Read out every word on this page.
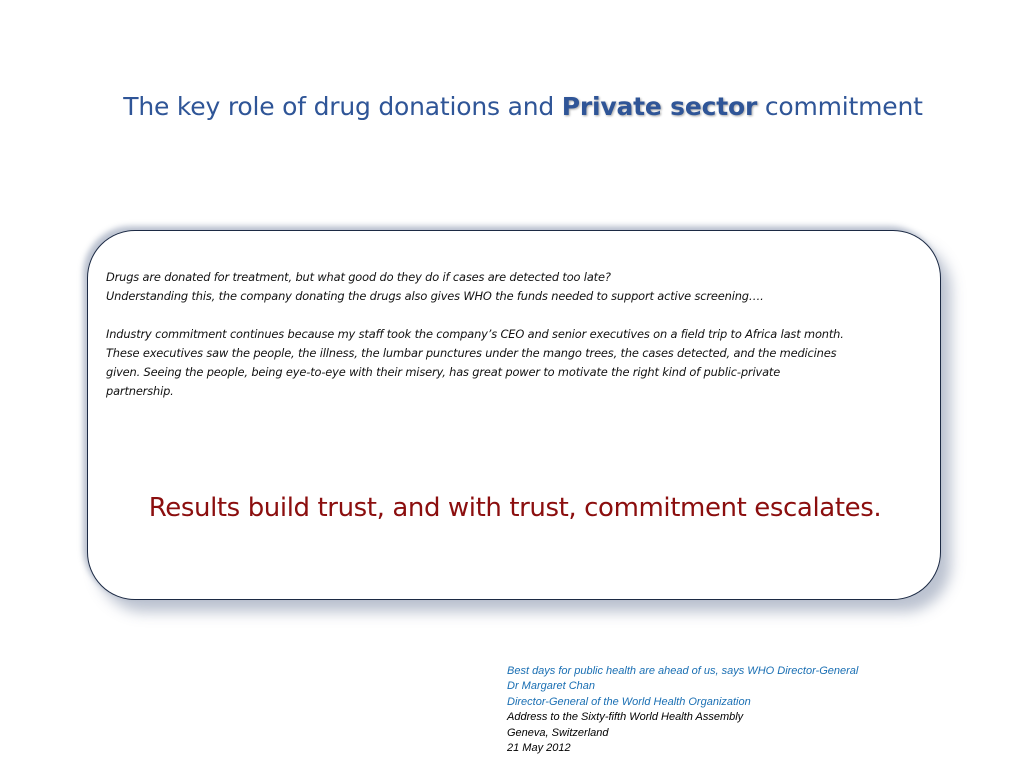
The key role of drug donations and Private sector commitment
Drugs are donated for treatment, but what good do they do if cases are detected too late?
Understanding this, the company donating the drugs also gives WHO the funds needed to support active screening….
Industry commitment continues because my staff took the company’s CEO and senior executives on a field trip to Africa last month.
These executives saw the people, the illness, the lumbar punctures under the mango trees, the cases detected, and the medicines
given. Seeing the people, being eye-to-eye with their misery, has great power to motivate the right kind of public-private
partnership.
Results build trust, and with trust, commitment escalates.
Best days for public health are ahead of us, says WHO Director-General
Dr Margaret Chan
Director-General of the World Health Organization
Address to the Sixty-fifth World Health Assembly
Geneva, Switzerland
21 May 2012
